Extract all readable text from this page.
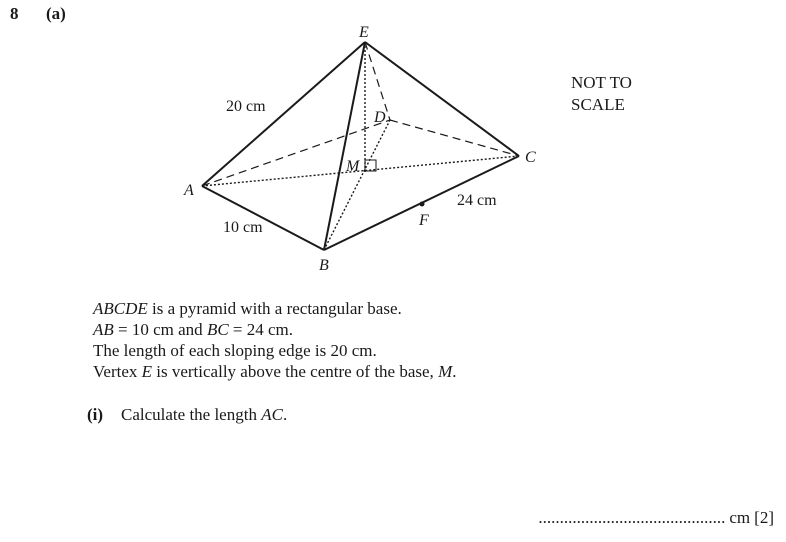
8 (a)
E
D
C
M
A
B
F
20 cm
10 cm
24 cm
NOT TO
SCALE
ABCDE is a pyramid with a rectangular base.
AB = 10 cm and BC = 24 cm.
The length of each sloping edge is 20 cm.
Vertex E is vertically above the centre of the base, M.
(i) Calculate the length AC.
............................................ cm [2]
